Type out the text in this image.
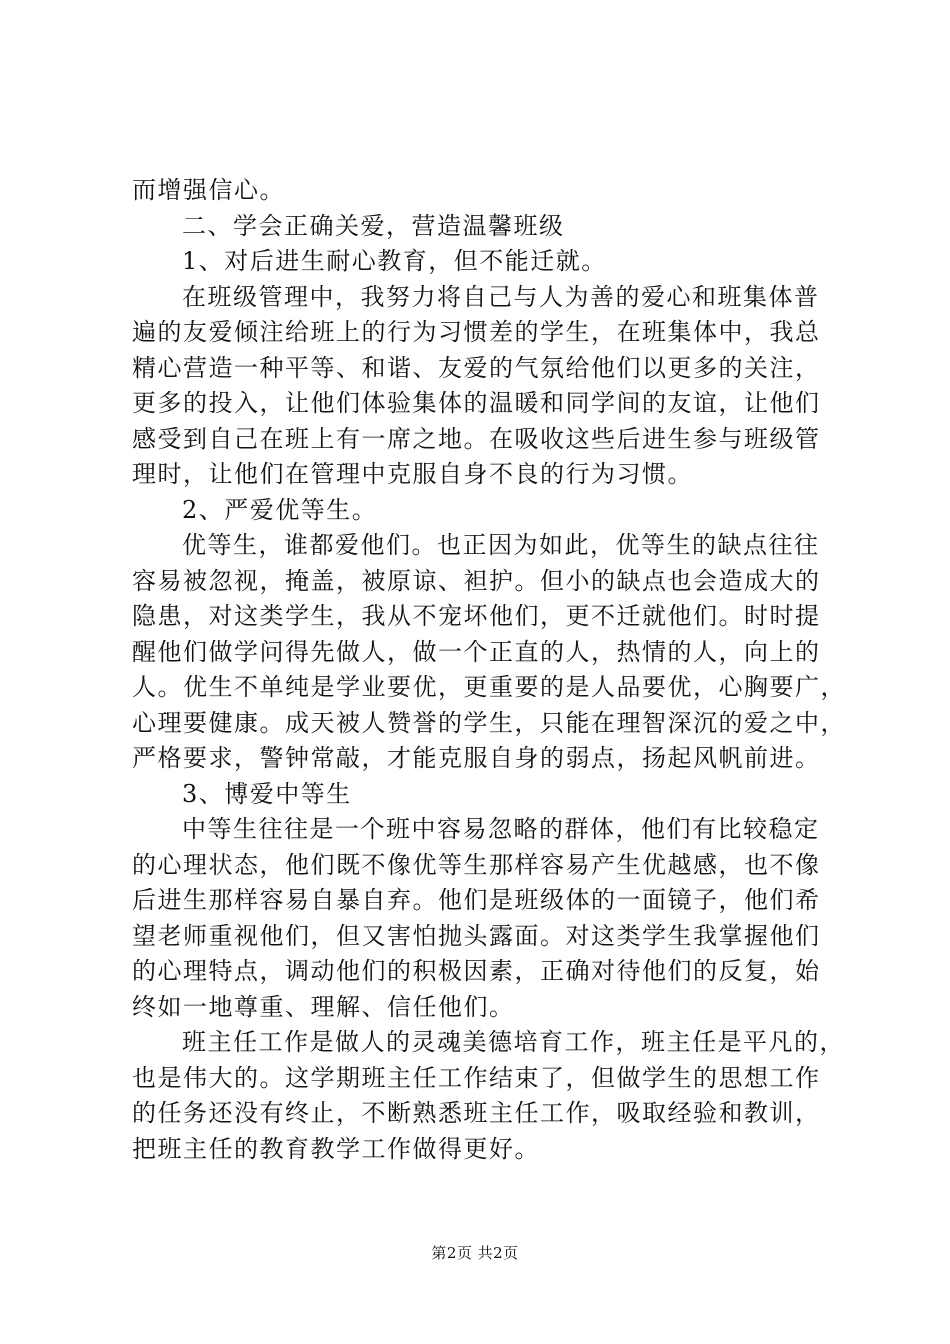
而增强信心。
二、学会正确关爱，营造温馨班级
1、对后进生耐心教育，但不能迁就。
在班级管理中，我努力将自己与人为善的爱心和班集体普
遍的友爱倾注给班上的行为习惯差的学生，在班集体中，我总
精心营造一种平等、和谐、友爱的气氛给他们以更多的关注，
更多的投入，让他们体验集体的温暖和同学间的友谊，让他们
感受到自己在班上有一席之地。在吸收这些后进生参与班级管
理时，让他们在管理中克服自身不良的行为习惯。
2、严爱优等生。
优等生，谁都爱他们。也正因为如此，优等生的缺点往往
容易被忽视，掩盖，被原谅、袒护。但小的缺点也会造成大的
隐患，对这类学生，我从不宠坏他们，更不迁就他们。时时提
醒他们做学问得先做人，做一个正直的人，热情的人，向上的
人。优生不单纯是学业要优，更重要的是人品要优，心胸要广，
心理要健康。成天被人赞誉的学生，只能在理智深沉的爱之中，
严格要求，警钟常敲，才能克服自身的弱点，扬起风帆前进。
3、博爱中等生
中等生往往是一个班中容易忽略的群体，他们有比较稳定
的心理状态，他们既不像优等生那样容易产生优越感，也不像
后进生那样容易自暴自弃。他们是班级体的一面镜子，他们希
望老师重视他们，但又害怕抛头露面。对这类学生我掌握他们
的心理特点，调动他们的积极因素，正确对待他们的反复，始
终如一地尊重、理解、信任他们。
班主任工作是做人的灵魂美德培育工作，班主任是平凡的，
也是伟大的。这学期班主任工作结束了，但做学生的思想工作
的任务还没有终止，不断熟悉班主任工作，吸取经验和教训，
把班主任的教育教学工作做得更好。
第2页 共2页
